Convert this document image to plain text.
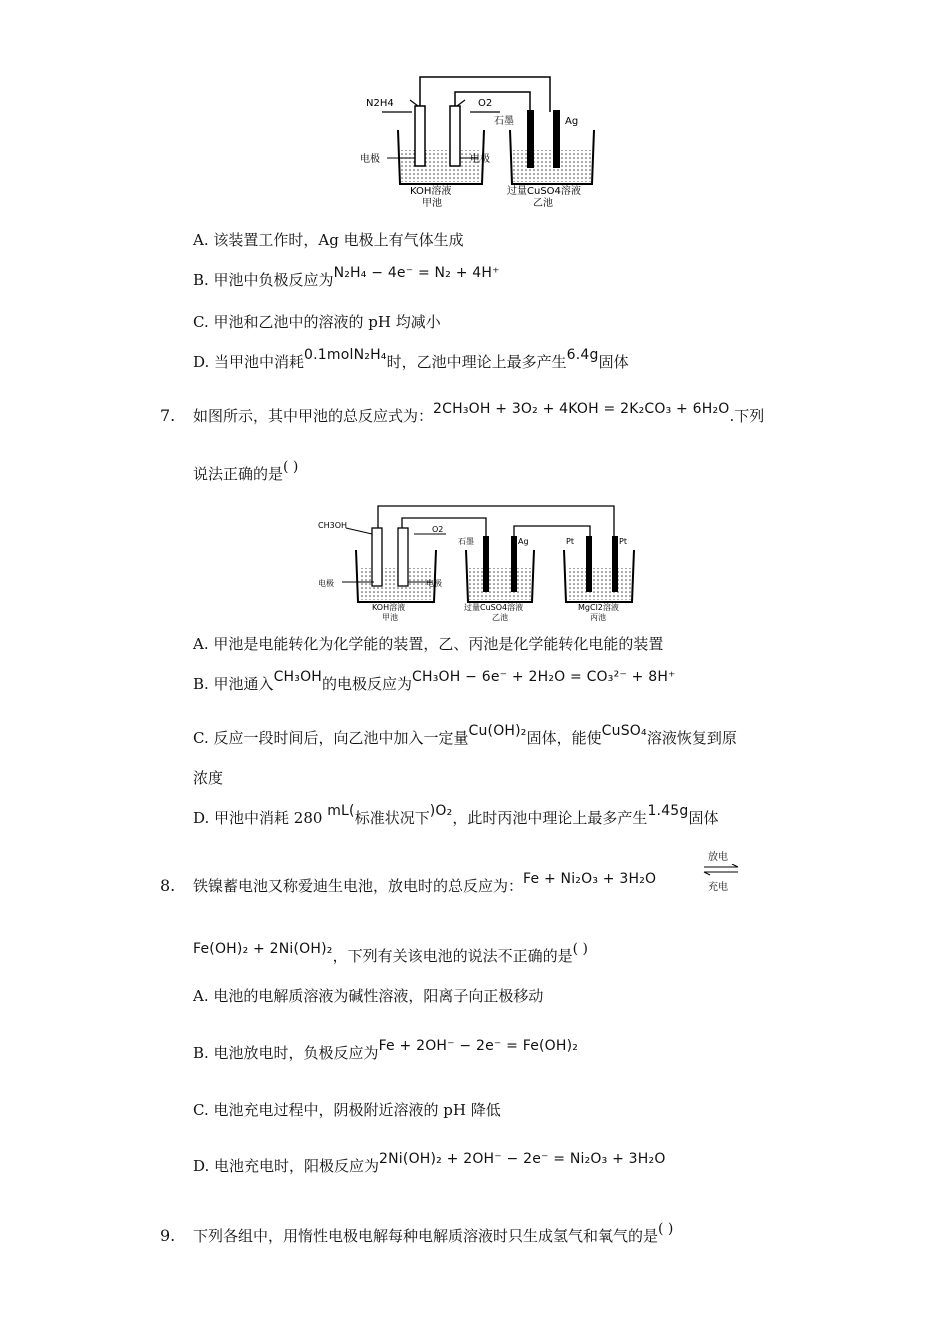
N2H4	O2
石墨	Ag
电极	电极
KOH溶液
甲池
过量CuSO4溶液
乙池
A. 该装置工作时，Ag 电极上有气体生成
B. 甲池中负极反应为N₂H₄ − 4e⁻ = N₂ + 4H⁺
C. 甲池和乙池中的溶液的 pH 均减小
D. 当甲池中消耗0.1molN₂H₄时，乙池中理论上最多产生6.4g固体
7. 如图所示，其中甲池的总反应式为：2CH₃OH + 3O₂ + 4KOH = 2K₂CO₃ + 6H₂O.下列
说法正确的是( )
CH3OH	O2
石墨	Ag	Pt	Pt
电极	电极
KOH溶液
甲池
过量CuSO4溶液
乙池
MgCl2溶液
丙池
A. 甲池是电能转化为化学能的装置，乙、丙池是化学能转化电能的装置
B. 甲池通入CH₃OH的电极反应为CH₃OH − 6e⁻ + 2H₂O = CO₃²⁻ + 8H⁺
C. 反应一段时间后，向乙池中加入一定量Cu(OH)₂固体，能使CuSO₄溶液恢复到原
浓度
D. 甲池中消耗 280 mL(标准状况下)O₂，此时丙池中理论上最多产生1.45g固体
8. 铁镍蓄电池又称爱迪生电池，放电时的总反应为：Fe + Ni₂O₃ + 3H₂O
放电
充电
Fe(OH)₂ + 2Ni(OH)₂，下列有关该电池的说法不正确的是( )
A. 电池的电解质溶液为碱性溶液，阳离子向正极移动
B. 电池放电时，负极反应为Fe + 2OH⁻ − 2e⁻ = Fe(OH)₂
C. 电池充电过程中，阴极附近溶液的 pH 降低
D. 电池充电时，阳极反应为2Ni(OH)₂ + 2OH⁻ − 2e⁻ = Ni₂O₃ + 3H₂O
9. 下列各组中，用惰性电极电解每种电解质溶液时只生成氢气和氧气的是( )
